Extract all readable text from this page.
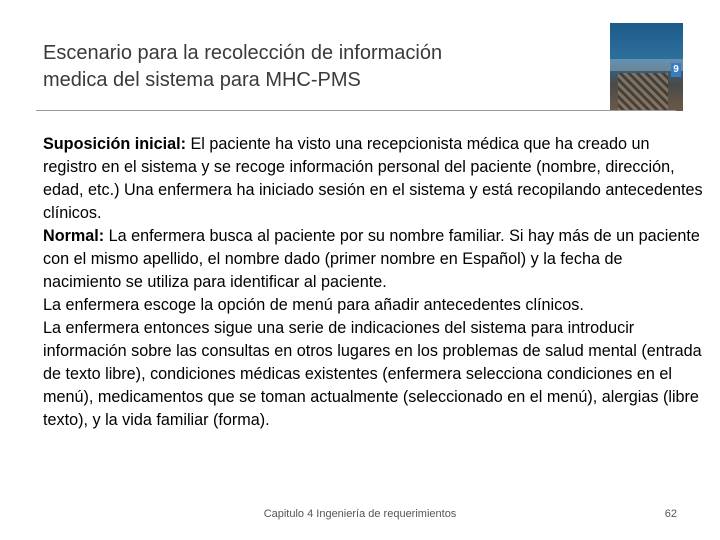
Escenario para la recolección de información
medica del sistema para MHC-PMS	9

Suposición inicial: El paciente ha visto una recepcionista médica que ha creado un registro en el sistema y se recoge información personal del paciente (nombre, dirección, edad, etc.) Una enfermera ha iniciado sesión en el sistema y está recopilando antecedentes clínicos.

Normal: La enfermera busca al paciente por su nombre familiar. Si hay más de un paciente con el mismo apellido, el nombre dado (primer nombre en Español) y la fecha de nacimiento se utiliza para identificar al paciente.

La enfermera escoge la opción de menú para añadir antecedentes clínicos.

La enfermera entonces sigue una serie de indicaciones del sistema para introducir información sobre las consultas en otros lugares en los problemas de salud mental (entrada de texto libre), condiciones médicas existentes (enfermera selecciona condiciones en el menú), medicamentos que se toman actualmente (seleccionado en el menú), alergias (libre texto), y la vida familiar (forma).

Capitulo 4 Ingeniería de requerimientos	62
